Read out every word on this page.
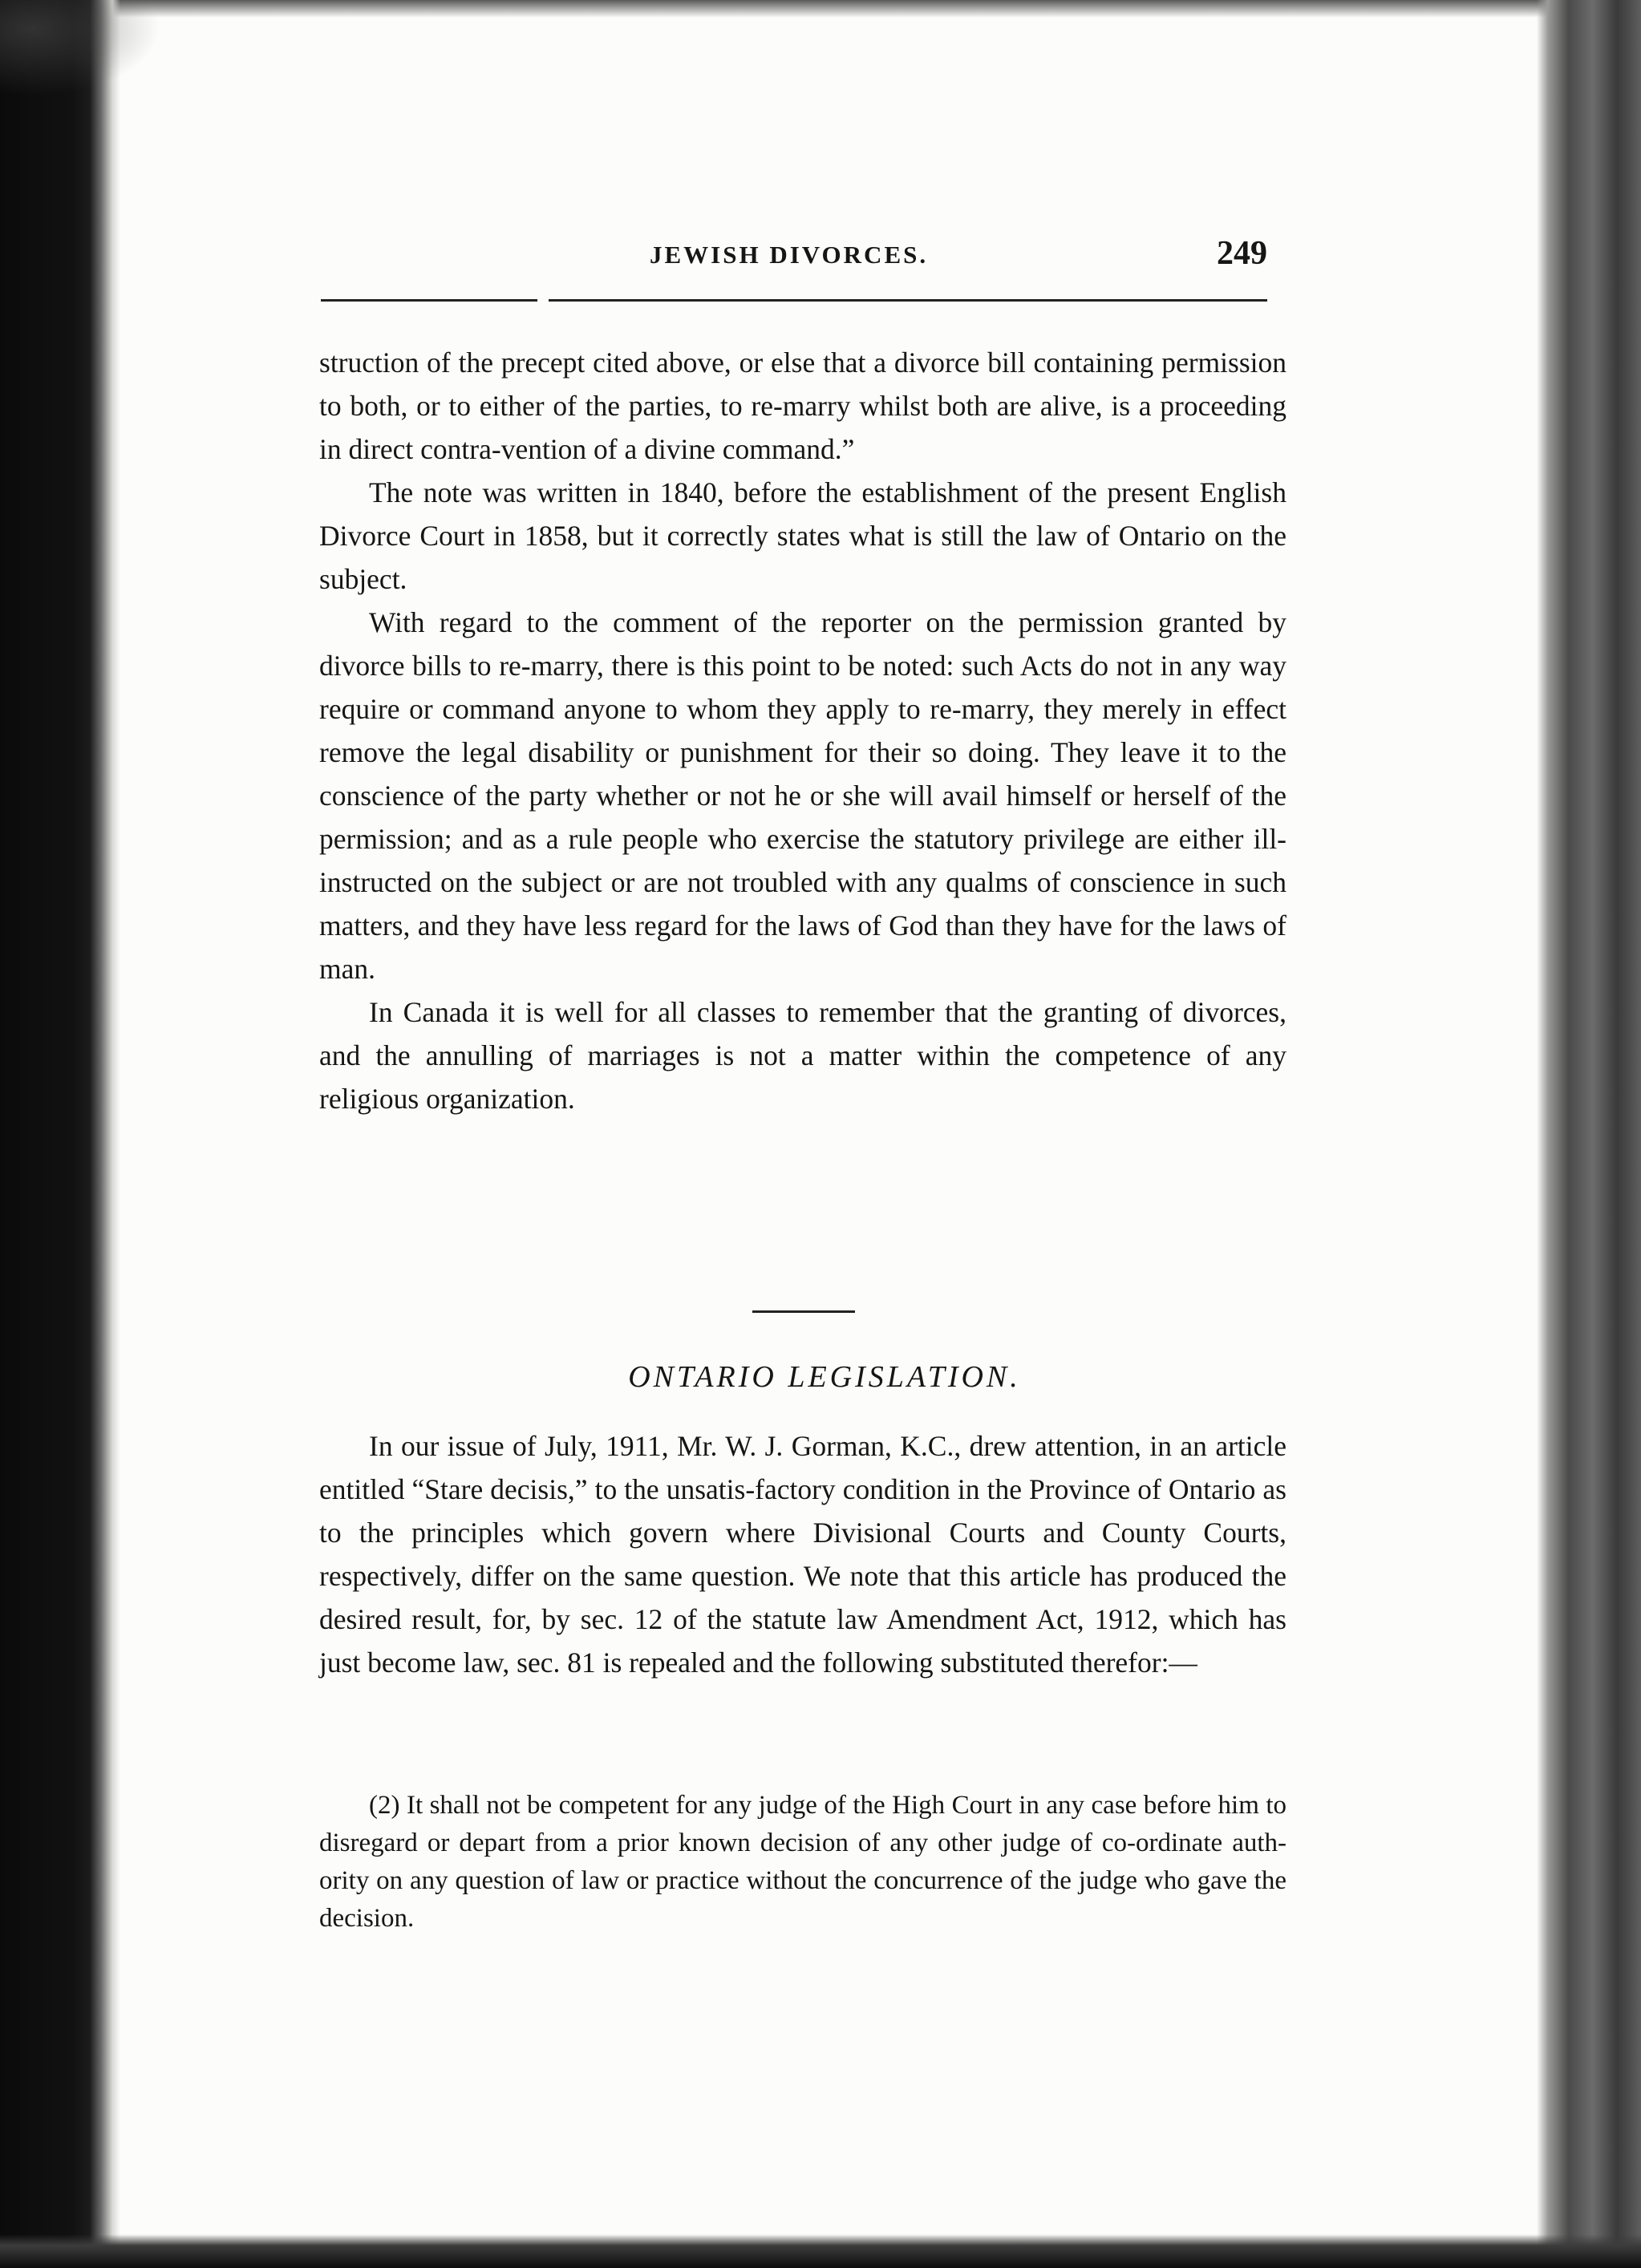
JEWISH DIVORCES.	249

struction of the precept cited above, or else that a divorce bill containing permission to both, or to either of the parties, to re-marry whilst both are alive, is a proceeding in direct contra-vention of a divine command.”

The note was written in 1840, before the establishment of the present English Divorce Court in 1858, but it correctly states what is still the law of Ontario on the subject.

With regard to the comment of the reporter on the permission granted by divorce bills to re-marry, there is this point to be noted: such Acts do not in any way require or command anyone to whom they apply to re-marry, they merely in effect remove the legal disability or punishment for their so doing. They leave it to the conscience of the party whether or not he or she will avail himself or herself of the permission; and as a rule people who exercise the statutory privilege are either ill-instructed on the subject or are not troubled with any qualms of conscience in such matters, and they have less regard for the laws of God than they have for the laws of man.

In Canada it is well for all classes to remember that the granting of divorces, and the annulling of marriages is not a matter within the competence of any religious organization.

ONTARIO LEGISLATION.

In our issue of July, 1911, Mr. W. J. Gorman, K.C., drew attention, in an article entitled “Stare decisis,” to the unsatis-factory condition in the Province of Ontario as to the principles which govern where Divisional Courts and County Courts, respectively, differ on the same question. We note that this article has produced the desired result, for, by sec. 12 of the statute law Amendment Act, 1912, which has just become law, sec. 81 is repealed and the following substituted therefor:—

(2) It shall not be competent for any judge of the High Court in any case before him to disregard or depart from a prior known decision of any other judge of co-ordinate auth-ority on any question of law or practice without the concurrence of the judge who gave the decision.
